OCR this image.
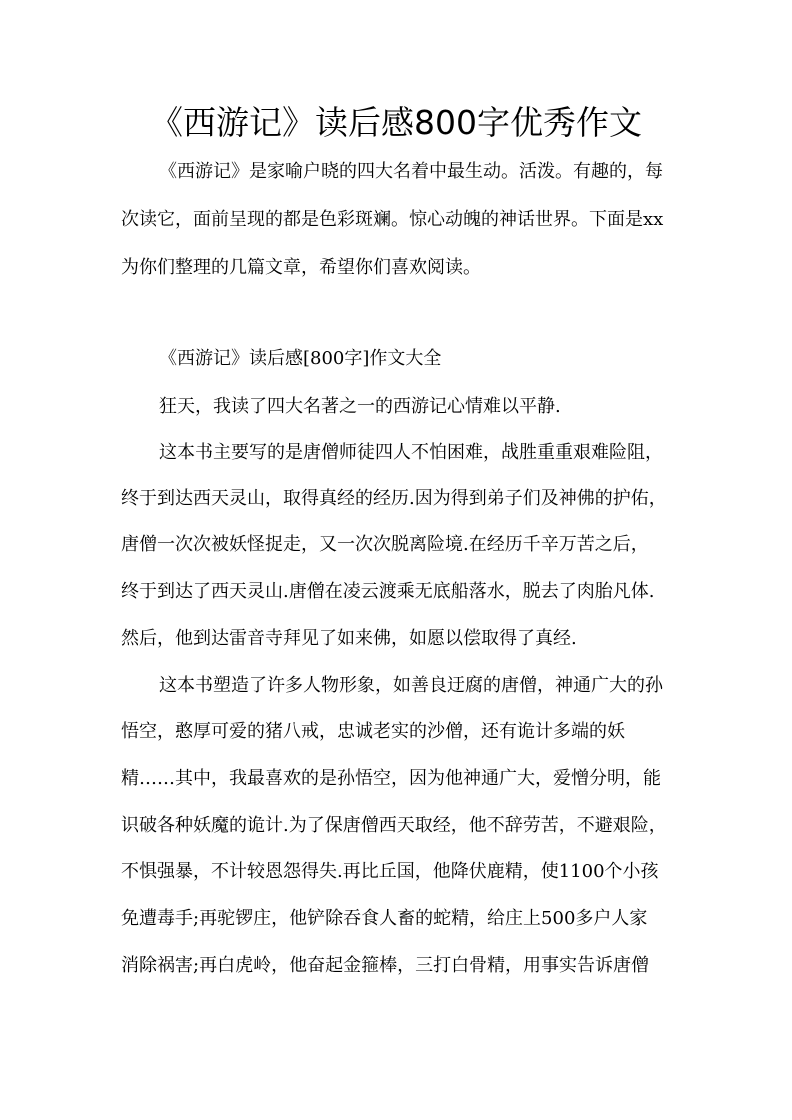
《西游记》读后感800字优秀作文

《西游记》是家喻户晓的四大名着中最生动。活泼。有趣的，每

次读它，面前呈现的都是色彩斑斓。惊心动魄的神话世界。下面是xx

为你们整理的几篇文章，希望你们喜欢阅读。

《西游记》读后感[800字]作文大全

狂天，我读了四大名著之一的西游记心情难以平静.

这本书主要写的是唐僧师徒四人不怕困难，战胜重重艰难险阻，

终于到达西天灵山，取得真经的经历.因为得到弟子们及神佛的护佑，

唐僧一次次被妖怪捉走，又一次次脱离险境.在经历千辛万苦之后，

终于到达了西天灵山.唐僧在凌云渡乘无底船落水，脱去了肉胎凡体.

然后，他到达雷音寺拜见了如来佛，如愿以偿取得了真经.

这本书塑造了许多人物形象，如善良迂腐的唐僧，神通广大的孙

悟空，憨厚可爱的猪八戒，忠诚老实的沙僧，还有诡计多端的妖

精……其中，我最喜欢的是孙悟空，因为他神通广大，爱憎分明，能

识破各种妖魔的诡计.为了保唐僧西天取经，他不辞劳苦，不避艰险，

不惧强暴，不计较恩怨得失.再比丘国，他降伏鹿精，使1100个小孩

免遭毒手;再驼锣庄，他铲除吞食人畜的蛇精，给庄上500多户人家

消除祸害;再白虎岭，他奋起金箍棒，三打白骨精，用事实告诉唐僧
